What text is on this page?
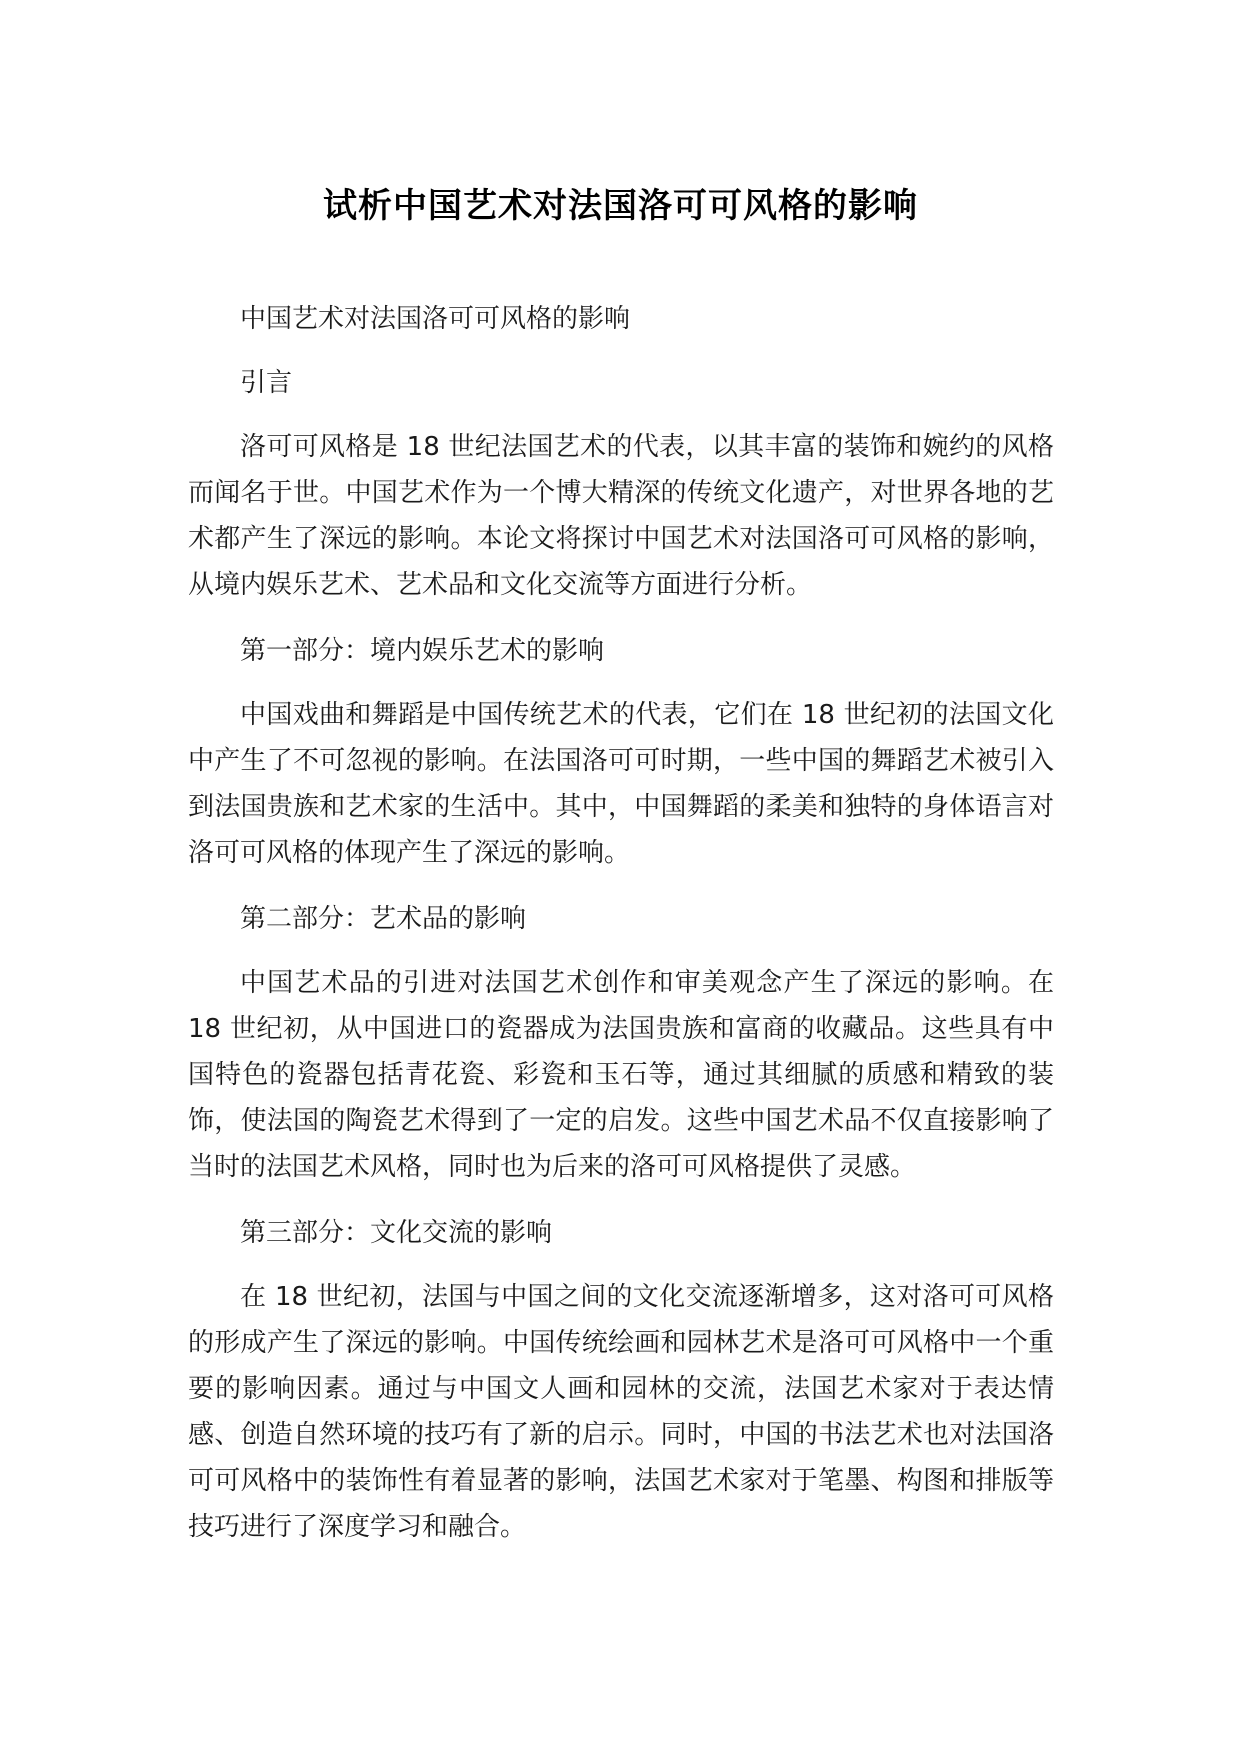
试析中国艺术对法国洛可可风格的影响

中国艺术对法国洛可可风格的影响

引言

洛可可风格是 18 世纪法国艺术的代表，以其丰富的装饰和婉约的风格而闻名于世。中国艺术作为一个博大精深的传统文化遗产，对世界各地的艺术都产生了深远的影响。本论文将探讨中国艺术对法国洛可可风格的影响，从境内娱乐艺术、艺术品和文化交流等方面进行分析。

第一部分：境内娱乐艺术的影响

中国戏曲和舞蹈是中国传统艺术的代表，它们在 18 世纪初的法国文化中产生了不可忽视的影响。在法国洛可可时期，一些中国的舞蹈艺术被引入到法国贵族和艺术家的生活中。其中，中国舞蹈的柔美和独特的身体语言对洛可可风格的体现产生了深远的影响。

第二部分：艺术品的影响

中国艺术品的引进对法国艺术创作和审美观念产生了深远的影响。在 18 世纪初，从中国进口的瓷器成为法国贵族和富商的收藏品。这些具有中国特色的瓷器包括青花瓷、彩瓷和玉石等，通过其细腻的质感和精致的装饰，使法国的陶瓷艺术得到了一定的启发。这些中国艺术品不仅直接影响了当时的法国艺术风格，同时也为后来的洛可可风格提供了灵感。

第三部分：文化交流的影响

在 18 世纪初，法国与中国之间的文化交流逐渐增多，这对洛可可风格的形成产生了深远的影响。中国传统绘画和园林艺术是洛可可风格中一个重要的影响因素。通过与中国文人画和园林的交流，法国艺术家对于表达情感、创造自然环境的技巧有了新的启示。同时，中国的书法艺术也对法国洛可可风格中的装饰性有着显著的影响，法国艺术家对于笔墨、构图和排版等技巧进行了深度学习和融合。
